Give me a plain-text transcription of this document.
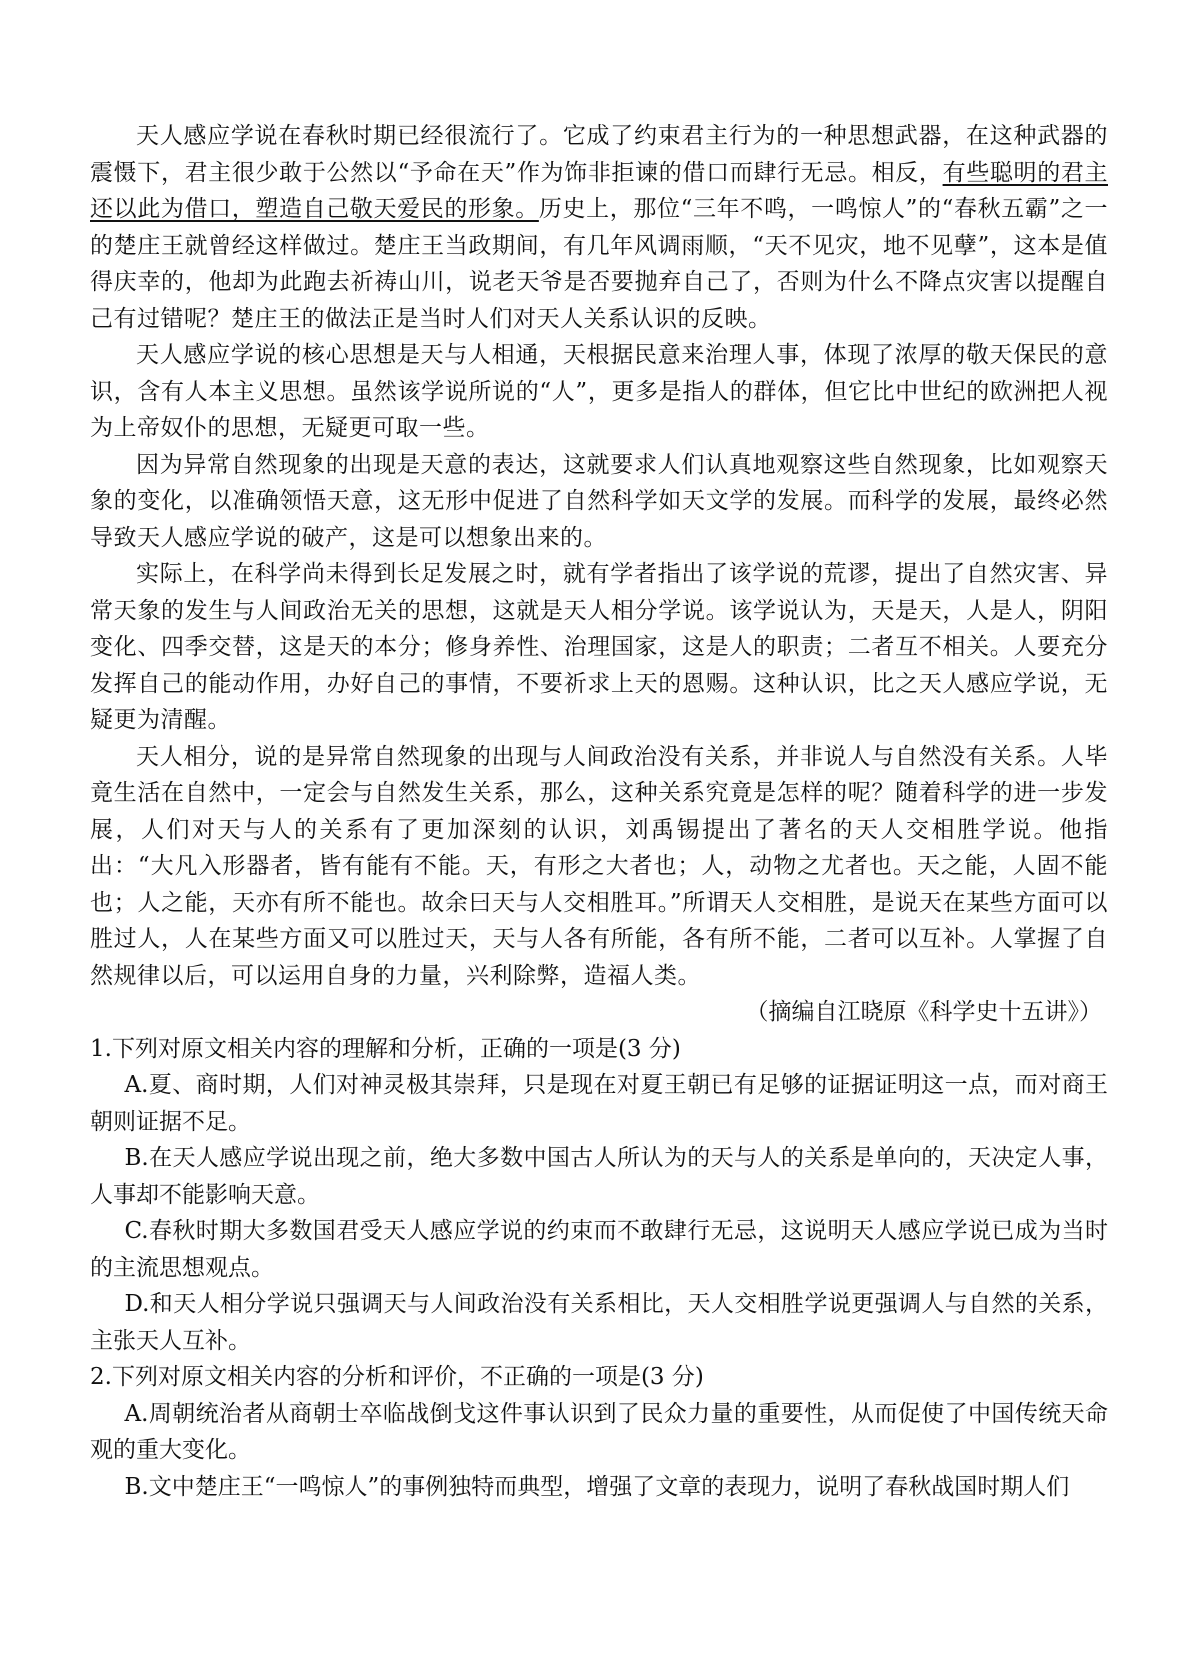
天人感应学说在春秋时期已经很流行了。它成了约束君主行为的一种思想武器，在这种武器的震慑下，君主很少敢于公然以“予命在天”作为饰非拒谏的借口而肆行无忌。相反，有些聪明的君主还以此为借口，塑造自己敬天爱民的形象。历史上，那位“三年不鸣，一鸣惊人”的“春秋五霸”之一的楚庄王就曾经这样做过。楚庄王当政期间，有几年风调雨顺，“天不见灾，地不见孽”，这本是值得庆幸的，他却为此跑去祈祷山川，说老天爷是否要抛弃自己了，否则为什么不降点灾害以提醒自己有过错呢？楚庄王的做法正是当时人们对天人关系认识的反映。

天人感应学说的核心思想是天与人相通，天根据民意来治理人事，体现了浓厚的敬天保民的意识，含有人本主义思想。虽然该学说所说的“人”，更多是指人的群体，但它比中世纪的欧洲把人视为上帝奴仆的思想，无疑更可取一些。

因为异常自然现象的出现是天意的表达，这就要求人们认真地观察这些自然现象，比如观察天象的变化，以准确领悟天意，这无形中促进了自然科学如天文学的发展。而科学的发展，最终必然导致天人感应学说的破产，这是可以想象出来的。

实际上，在科学尚未得到长足发展之时，就有学者指出了该学说的荒谬，提出了自然灾害、异常天象的发生与人间政治无关的思想，这就是天人相分学说。该学说认为，天是天，人是人，阴阳变化、四季交替，这是天的本分；修身养性、治理国家，这是人的职责；二者互不相关。人要充分发挥自己的能动作用，办好自己的事情，不要祈求上天的恩赐。这种认识，比之天人感应学说，无疑更为清醒。

天人相分，说的是异常自然现象的出现与人间政治没有关系，并非说人与自然没有关系。人毕竟生活在自然中，一定会与自然发生关系，那么，这种关系究竟是怎样的呢？随着科学的进一步发展，人们对天与人的关系有了更加深刻的认识，刘禹锡提出了著名的天人交相胜学说。他指出：“大凡入形器者，皆有能有不能。天，有形之大者也；人，动物之尤者也。天之能，人固不能也；人之能，天亦有所不能也。故余曰天与人交相胜耳。”所谓天人交相胜，是说天在某些方面可以胜过人，人在某些方面又可以胜过天，天与人各有所能，各有所不能，二者可以互补。人掌握了自然规律以后，可以运用自身的力量，兴利除弊，造福人类。

（摘编自江晓原《科学史十五讲》）

1.下列对原文相关内容的理解和分析，正确的一项是(3 分)

A.夏、商时期，人们对神灵极其崇拜，只是现在对夏王朝已有足够的证据证明这一点，而对商王朝则证据不足。

B.在天人感应学说出现之前，绝大多数中国古人所认为的天与人的关系是单向的，天决定人事，人事却不能影响天意。

C.春秋时期大多数国君受天人感应学说的约束而不敢肆行无忌，这说明天人感应学说已成为当时的主流思想观点。

D.和天人相分学说只强调天与人间政治没有关系相比，天人交相胜学说更强调人与自然的关系，主张天人互补。

2.下列对原文相关内容的分析和评价，不正确的一项是(3 分)

A.周朝统治者从商朝士卒临战倒戈这件事认识到了民众力量的重要性，从而促使了中国传统天命观的重大变化。

B.文中楚庄王“一鸣惊人”的事例独特而典型，增强了文章的表现力，说明了春秋战国时期人们
